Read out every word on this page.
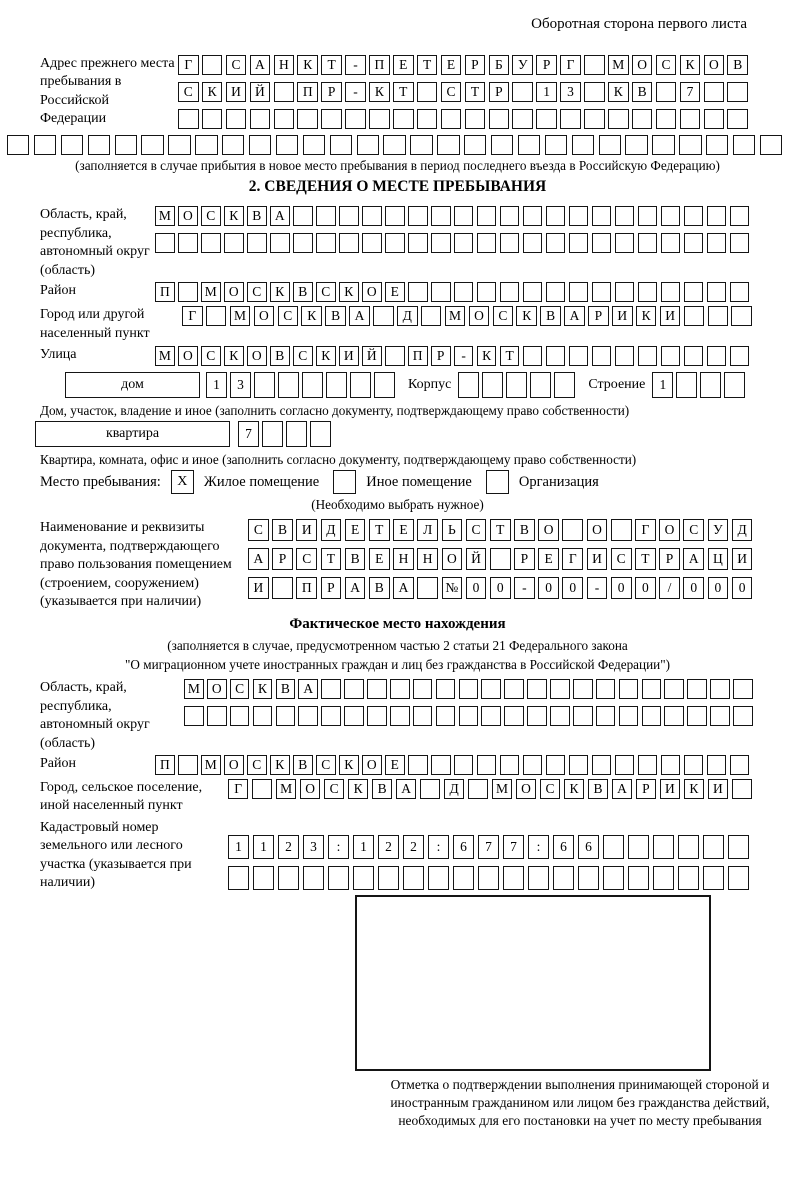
Оборотная сторона первого листа
Адрес прежнего места пребывания в Российской Федерации
Г	С	А	Н	К	Т	-	П	Е	Т	Е	Р	Б	У	Р	Г	М О	С	К	О	В
С	К	И	Й	П	Р	-	К	Т	С	Т	Р	1	3	К	В	7
(заполняется в случае прибытия в новое место пребывания в период последнего въезда в Российскую Федерацию)
2. СВЕДЕНИЯ О МЕСТЕ ПРЕБЫВАНИЯ
Область, край, республика, автономный округ (область)
М О	С	К	В	А
Район	П	М О	С	К	В	С	К	О	Е
Город или другой населенный пункт
Г	М О	С	К	В	А	Д	М О	С	К	В	А	Р	И	К	И
Улица	М О	С	К	О	В	С	К	И Й	П	Р	-	К	Т
дом	1	3	Корпус	Строение	1
Дом, участок, владение и иное (заполнить согласно документу, подтверждающему право собственности)
квартира	7
Квартира, комната, офис и иное (заполнить согласно документу, подтверждающему право собственности)
Место пребывания:	X	Жилое помещение	Иное помещение	Организация
(Необходимо выбрать нужное)
Наименование и реквизиты документа, подтверждающего право пользования помещением (строением, сооружением) (указывается при наличии)
С	В	И	Д	Е	Т	Е	Л	Ь	С	Т	В	О	О	Г	О	С	У	Д
А	Р	С	Т	В	Е	Н	Н	О	Й	Р	Е	Г	И	С	Т	Р	А	Ц	И
И	П	Р	А	В	А	№	0	0	-	0	0	-	0	0	/	0	0	0
Фактическое место нахождения
(заполняется в случае, предусмотренном частью 2 статьи 21 Федерального закона
"О миграционном учете иностранных граждан и лиц без гражданства в Российской Федерации")
Область, край, республика, автономный округ (область)
М О С	К	В	А
Район	П	М О	С	К	В	С	К	О	Е
Город, сельское поселение, иной населенный пункт
Г	М О	С	К	В	А	Д	М О	С	К	В	А	Р	И	К	И
Кадастровый номер земельного или лесного участка (указывается при наличии)
1	1	2	3	:	1	2	2	:	6	7	7	:	6	6
Отметка о подтверждении выполнения принимающей стороной и иностранным гражданином или лицом без гражданства действий, необходимых для его постановки на учет по месту пребывания
